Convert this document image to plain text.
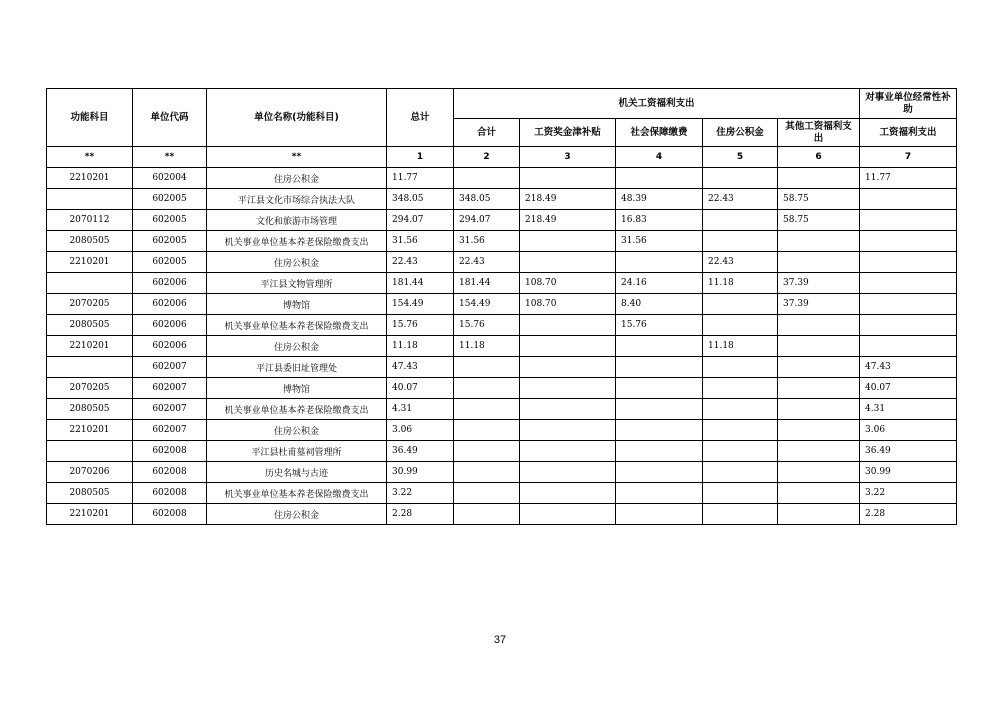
功能科目	单位代码	单位名称(功能科目)	总计	机关工资福利支出					对事业单位经常性补助
				合计	工资奖金津补贴	社会保障缴费	住房公积金	其他工资福利支出	工资福利支出
**	**	**	1	2	3	4	5	6	7
2210201	602004	住房公积金	11.77						11.77
	602005	平江县文化市场综合执法大队	348.05	348.05	218.49	48.39	22.43	58.75	
2070112	602005	文化和旅游市场管理	294.07	294.07	218.49	16.83		58.75	
2080505	602005	机关事业单位基本养老保险缴费支出	31.56	31.56		31.56			
2210201	602005	住房公积金	22.43	22.43			22.43		
	602006	平江县文物管理所	181.44	181.44	108.70	24.16	11.18	37.39	
2070205	602006	博物馆	154.49	154.49	108.70	8.40		37.39	
2080505	602006	机关事业单位基本养老保险缴费支出	15.76	15.76		15.76			
2210201	602006	住房公积金	11.18	11.18			11.18		
	602007	平江县委旧址管理处	47.43						47.43
2070205	602007	博物馆	40.07						40.07
2080505	602007	机关事业单位基本养老保险缴费支出	4.31						4.31
2210201	602007	住房公积金	3.06						3.06
	602008	平江县杜甫墓祠管理所	36.49						36.49
2070206	602008	历史名城与古迹	30.99						30.99
2080505	602008	机关事业单位基本养老保险缴费支出	3.22						3.22
2210201	602008	住房公积金	2.28						2.28
37
